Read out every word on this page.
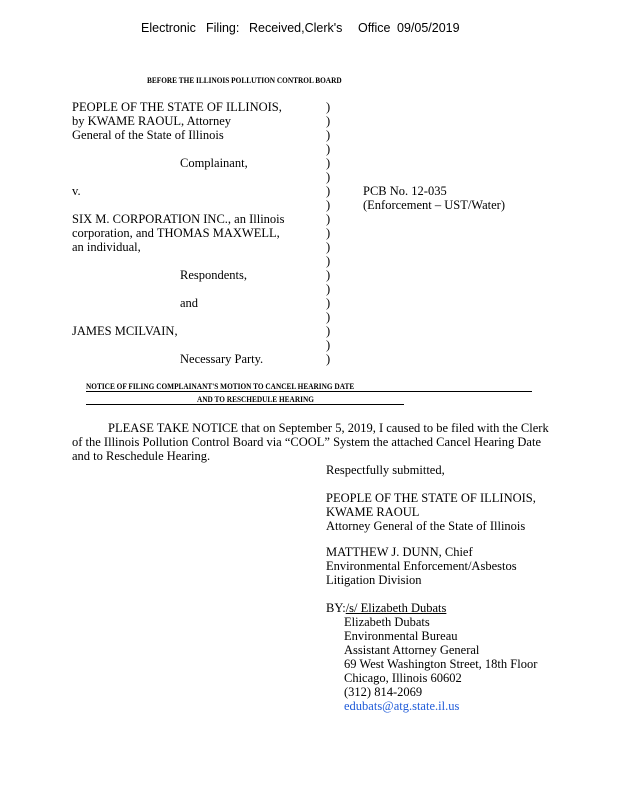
Electronic Filing: Received,Clerk's Office 09/05/2019
BEFORE THE ILLINOIS POLLUTION CONTROL BOARD
PEOPLE OF THE STATE OF ILLINOIS,
by KWAME RAOUL, Attorney
General of the State of Illinois
Complainant,
v.
SIX M. CORPORATION INC., an Illinois
corporation, and THOMAS MAXWELL,
an individual,
Respondents,
and
JAMES MCILVAIN,
Necessary Party.
)
)
)
)
)
)
)
)
)
)
)
)
)
)
)
)
)
)
)
PCB No. 12-035
(Enforcement – UST/Water)
NOTICE OF FILING COMPLAINANT'S MOTION TO CANCEL HEARING DATE
AND TO RESCHEDULE HEARING
PLEASE TAKE NOTICE that on September 5, 2019, I caused to be filed with the Clerk
of the Illinois Pollution Control Board via “COOL” System the attached Cancel Hearing Date
and to Reschedule Hearing.
Respectfully submitted,
PEOPLE OF THE STATE OF ILLINOIS,
KWAME RAOUL
Attorney General of the State of Illinois
MATTHEW J. DUNN, Chief
Environmental Enforcement/Asbestos
Litigation Division
BY:/s/ Elizabeth Dubats
Elizabeth Dubats
Environmental Bureau
Assistant Attorney General
69 West Washington Street, 18th Floor
Chicago, Illinois 60602
(312) 814-2069
edubats@atg.state.il.us
